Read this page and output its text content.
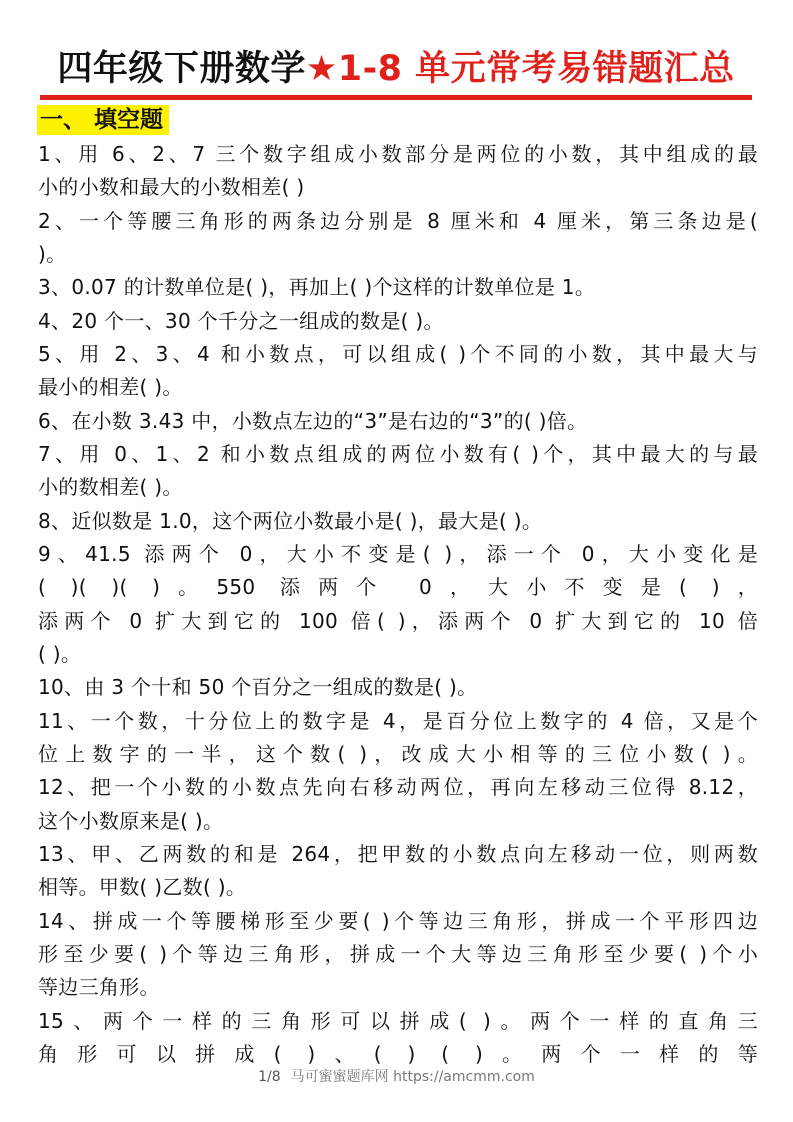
四年级下册数学★1-8 单元常考易错题汇总
一、 填空题
1、用 6、2、7 三个数字组成小数部分是两位的小数，其中组成的最
小的小数和最大的小数相差( )
2、一个等腰三角形的两条边分别是 8 厘米和 4 厘米，第三条边是(
)。
3、0.07 的计数单位是( )，再加上( )个这样的计数单位是 1。
4、20 个一、30 个千分之一组成的数是( )。
5、用 2、3、4 和小数点，可以组成( )个不同的小数，其中最大与
最小的相差( )。
6、在小数 3.43 中，小数点左边的“3”是右边的“3”的( )倍。
7、用 0、1、2 和小数点组成的两位小数有( )个，其中最大的与最
小的数相差( )。
8、近似数是 1.0，这个两位小数最小是( )，最大是( )。
9、41.5 添两个 0，大小不变是( )，添一个 0，大小变化是
( )( )( )。550 添两个 0，大小不变是( )，
添两个 0 扩大到它的 100 倍( )，添两个 0 扩大到它的 10 倍
( )。
10、由 3 个十和 50 个百分之一组成的数是( )。
11、一个数，十分位上的数字是 4，是百分位上数字的 4 倍，又是个
位上数字的一半，这个数( )，改成大小相等的三位小数( )。
12、把一个小数的小数点先向右移动两位，再向左移动三位得 8.12，
这个小数原来是( )。
13、甲、乙两数的和是 264，把甲数的小数点向左移动一位，则两数
相等。甲数( )乙数( )。
14、拼成一个等腰梯形至少要( )个等边三角形，拼成一个平形四边
形至少要( )个等边三角形，拼成一个大等边三角形至少要( )个小
等边三角形。
15、两个一样的三角形可以拼成( )。两个一样的直角三
角形可以拼成( )、( ) ( )。两个一样的等
1/8 马可蜜蜜题库网 https://amcmm.com
